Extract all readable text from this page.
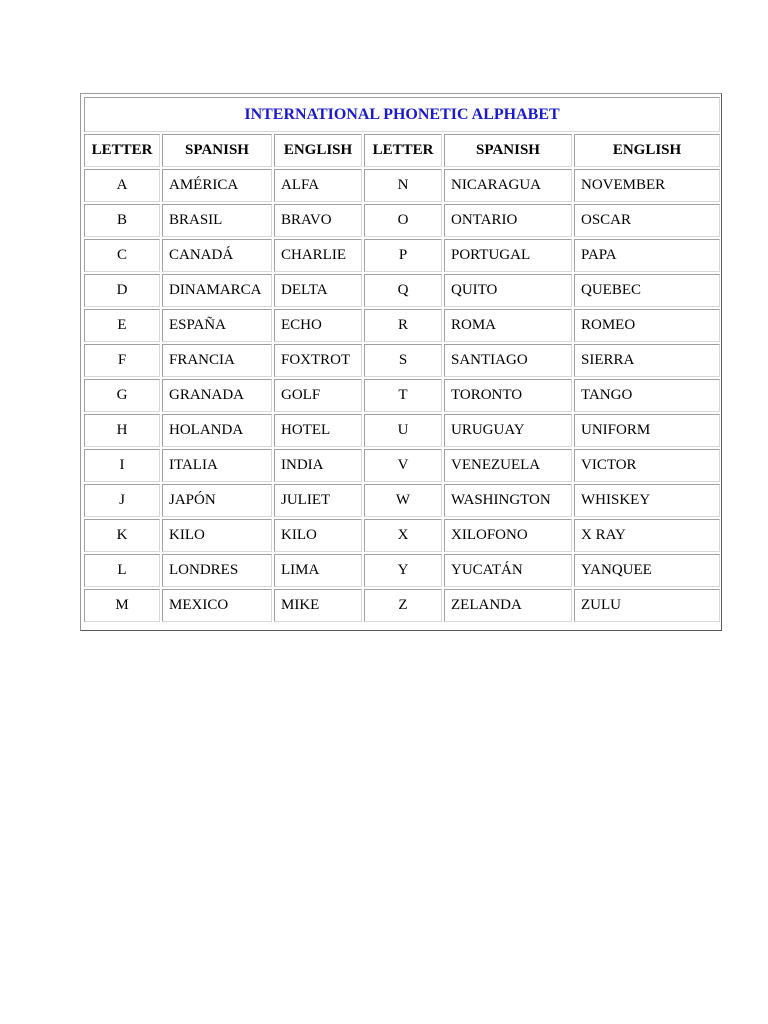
INTERNATIONAL PHONETIC ALPHABET					
LETTER	SPANISH	ENGLISH	LETTER	SPANISH	ENGLISH
A	AMÉRICA	ALFA	N	NICARAGUA	NOVEMBER
B	BRASIL	BRAVO	O	ONTARIO	OSCAR
C	CANADÁ	CHARLIE	P	PORTUGAL	PAPA
D	DINAMARCA	DELTA	Q	QUITO	QUEBEC
E	ESPAÑA	ECHO	R	ROMA	ROMEO
F	FRANCIA	FOXTROT	S	SANTIAGO	SIERRA
G	GRANADA	GOLF	T	TORONTO	TANGO
H	HOLANDA	HOTEL	U	URUGUAY	UNIFORM
I	ITALIA	INDIA	V	VENEZUELA	VICTOR
J	JAPÓN	JULIET	W	WASHINGTON	WHISKEY
K	KILO	KILO	X	XILOFONO	X RAY
L	LONDRES	LIMA	Y	YUCATÁN	YANQUEE
M	MEXICO	MIKE	Z	ZELANDA	ZULU
